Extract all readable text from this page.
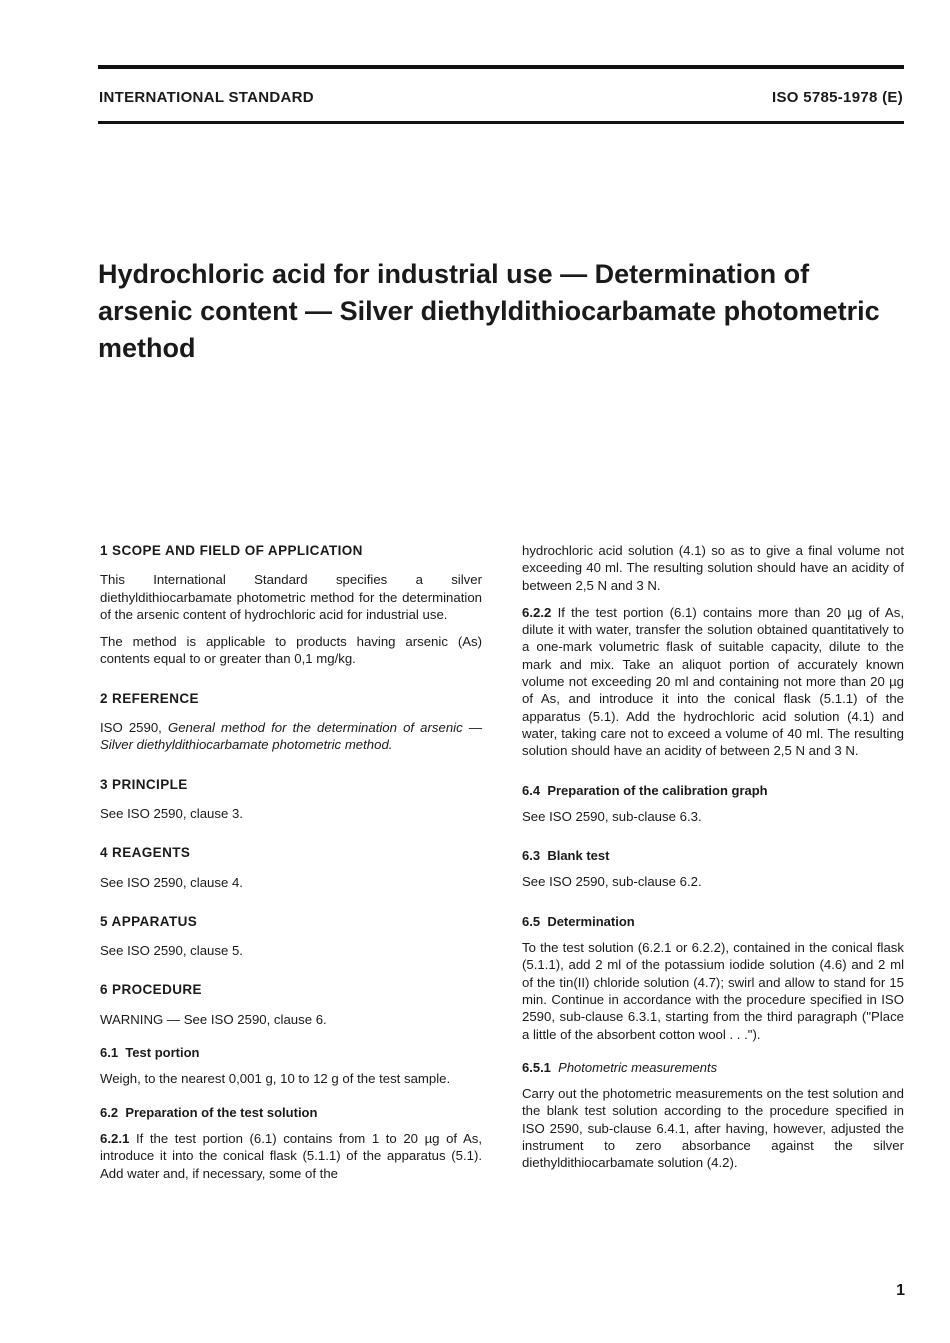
INTERNATIONAL STANDARD	ISO 5785-1978 (E)
Hydrochloric acid for industrial use — Determination of arsenic content — Silver diethyldithiocarbamate photometric method
1 SCOPE AND FIELD OF APPLICATION

This International Standard specifies a silver diethyldithiocarbamate photometric method for the determination of the arsenic content of hydrochloric acid for industrial use.

The method is applicable to products having arsenic (As) contents equal to or greater than 0,1 mg/kg.

2 REFERENCE

ISO 2590, General method for the determination of arsenic — Silver diethyldithiocarbamate photometric method.

3 PRINCIPLE

See ISO 2590, clause 3.

4 REAGENTS

See ISO 2590, clause 4.

5 APPARATUS

See ISO 2590, clause 5.

6 PROCEDURE

WARNING — See ISO 2590, clause 6.

6.1 Test portion

Weigh, to the nearest 0,001 g, 10 to 12 g of the test sample.

6.2 Preparation of the test solution

6.2.1 If the test portion (6.1) contains from 1 to 20 µg of As, introduce it into the conical flask (5.1.1) of the apparatus (5.1). Add water and, if necessary, some of the

hydrochloric acid solution (4.1) so as to give a final volume not exceeding 40 ml. The resulting solution should have an acidity of between 2,5 N and 3 N.

6.2.2 If the test portion (6.1) contains more than 20 µg of As, dilute it with water, transfer the solution obtained quantitatively to a one-mark volumetric flask of suitable capacity, dilute to the mark and mix. Take an aliquot portion of accurately known volume not exceeding 20 ml and containing not more than 20 µg of As, and introduce it into the conical flask (5.1.1) of the apparatus (5.1). Add the hydrochloric acid solution (4.1) and water, taking care not to exceed a volume of 40 ml. The resulting solution should have an acidity of between 2,5 N and 3 N.

6.4 Preparation of the calibration graph

See ISO 2590, sub-clause 6.3.

6.3 Blank test

See ISO 2590, sub-clause 6.2.

6.5 Determination

To the test solution (6.2.1 or 6.2.2), contained in the conical flask (5.1.1), add 2 ml of the potassium iodide solution (4.6) and 2 ml of the tin(II) chloride solution (4.7); swirl and allow to stand for 15 min. Continue in accordance with the procedure specified in ISO 2590, sub-clause 6.3.1, starting from the third paragraph ("Place a little of the absorbent cotton wool . . .").

6.5.1 Photometric measurements

Carry out the photometric measurements on the test solution and the blank test solution according to the procedure specified in ISO 2590, sub-clause 6.4.1, after having, however, adjusted the instrument to zero absorbance against the silver diethyldithiocarbamate solution (4.2).

1
